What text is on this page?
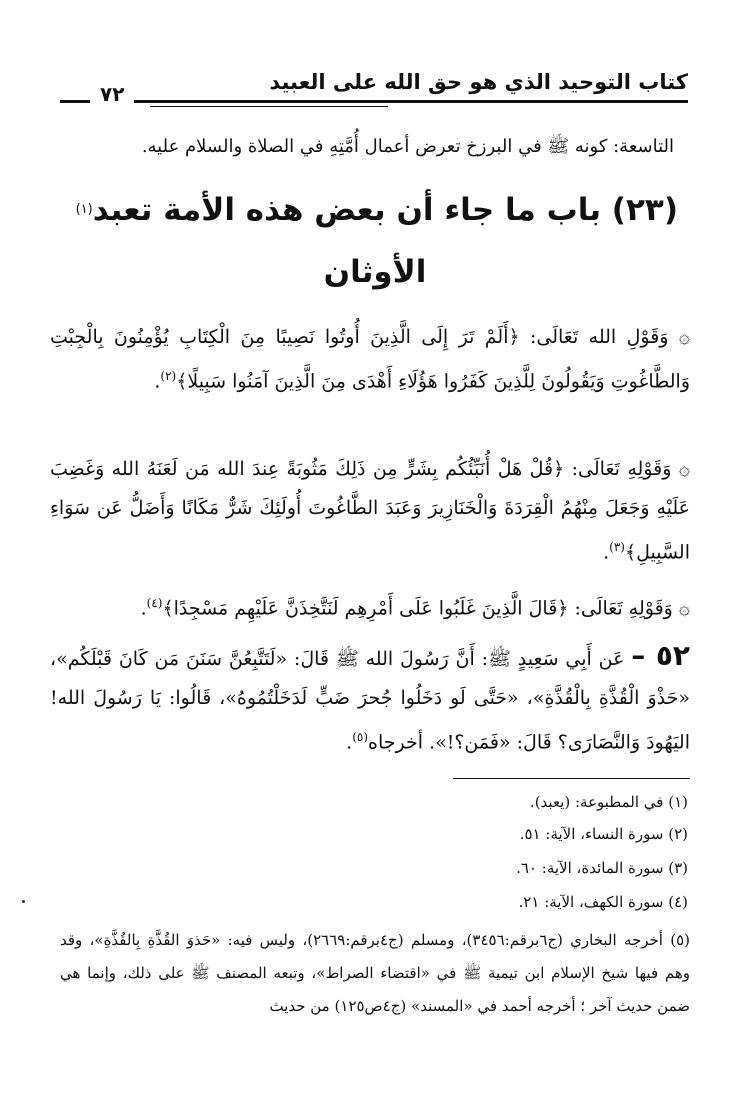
كتاب التوحيد الذي هو حق الله على العبيد
٧٢
التاسعة: كونه ﷺ في البرزخ تعرض أعمال أُمَّتِهِ في الصلاة والسلام عليه.
(٢٣) باب ما جاء أن بعض هذه الأمة تعبد$^{(١)}$
الأوثان
۞ وَقَوْلِ الله تَعَالَى: ﴿أَلَمْ تَرَ إِلَى الَّذِينَ أُوتُوا نَصِيبًا مِنَ الْكِتَابِ يُؤْمِنُونَ بِالْجِبْتِ وَالطَّاغُوتِ وَيَقُولُونَ لِلَّذِينَ كَفَرُوا هَؤُلَاءِ أَهْدَى مِنَ الَّذِينَ آمَنُوا سَبِيلًا﴾$^{(٢)}$.
۞ وَقَوْلِهِ تَعَالَى: ﴿قُلْ هَلْ أُنَبِّئُكُم بِشَرٍّ مِن ذَلِكَ مَثُوبَةً عِندَ الله مَن لَعَنَهُ الله وَغَضِبَ عَلَيْهِ وَجَعَلَ مِنْهُمُ الْقِرَدَةَ وَالْخَنَازِيرَ وَعَبَدَ الطَّاغُوتَ أُولَئِكَ شَرٌّ مَكَانًا وَأَضَلُّ عَن سَوَاءِ السَّبِيلِ﴾$^{(٣)}$.
۞ وَقَوْلِهِ تَعَالَى: ﴿قَالَ الَّذِينَ غَلَبُوا عَلَى أَمْرِهِم لَنَتَّخِذَنَّ عَلَيْهِم مَسْجِدًا﴾$^{(٤)}$.
٥٢ – عَن أَبِي سَعِيدٍ ﷺ: أَنَّ رَسُولَ الله ﷺ قَالَ: «لَتَتَّبِعُنَّ سَنَنَ مَن كَانَ قَبْلَكُم»، «حَذْوَ الْقُذَّةِ بِالْقُذَّةِ»، «حَتَّى لَو دَخَلُوا جُحرَ ضَبٍّ لَدَخَلْتُمُوهُ»، قَالُوا: يَا رَسُولَ الله! اليَهُودَ وَالنَّصَارَى؟ قَالَ: «فَمَن؟!». أخرجاه$^{(٥)}$.
(١) في المطبوعة: (يعبد).
(٢) سورة النساء، الآية: ٥١.
(٣) سورة المائدة، الآية: ٦٠.
(٤) سورة الكهف، الآية: ٢١.
(٥) أخرجه البخاري (ج٦برقم:٣٤٥٦)، ومسلم (ج٤برقم:٢٦٦٩)، وليس فيه: «حَذوَ القُذَّةِ بِالقُذَّةِ»، وقد وهم فيها شيخ الإسلام ابن تيمية ﷺ في «اقتضاء الصراط»، وتبعه المصنف ﷺ على ذلك، وإنما هي ضمن حديث آخر ؛ أخرجه أحمد في «المسند» (ج٤ص١٢٥) من حديث
